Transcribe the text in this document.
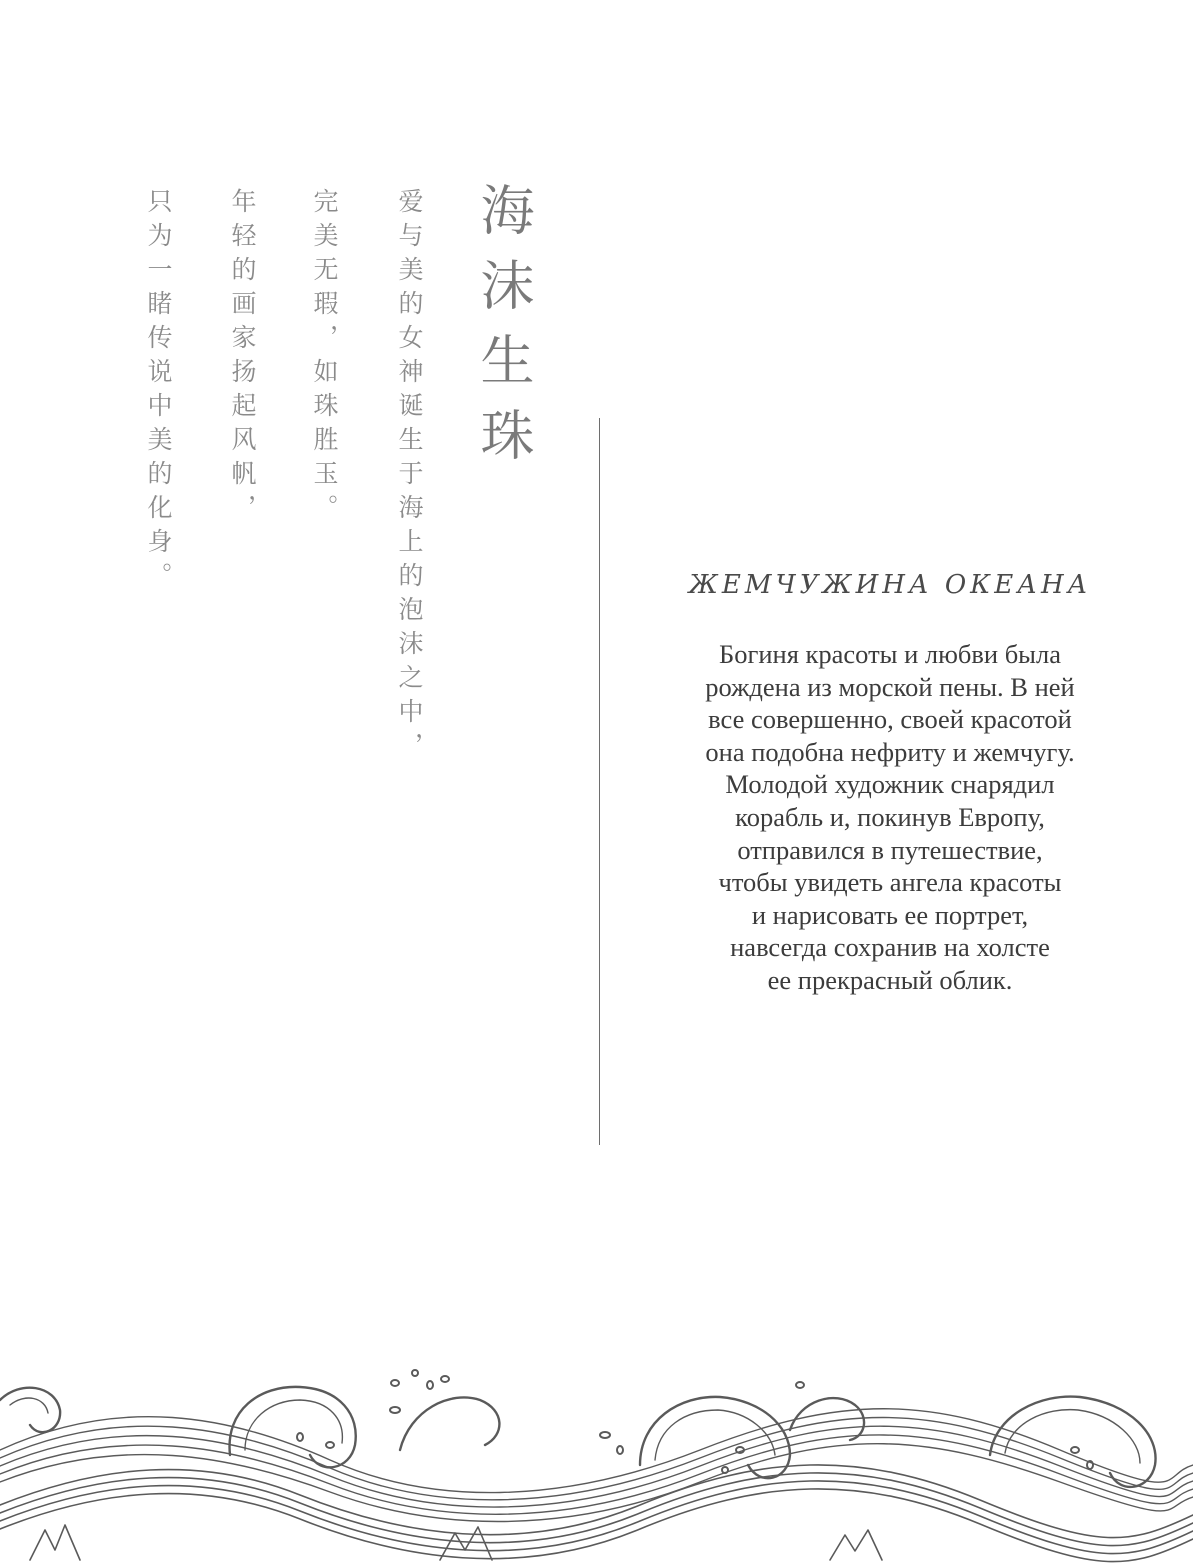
海沫生珠
爱与美的女神诞生于海上的泡沫之中，
完美无瑕，如珠胜玉。
年轻的画家扬起风帆，
只为一睹传说中美的化身。	ЖЕМЧУЖИНА ОКЕАНА

Богиня красоты и любви была
рождена из морской пены. В ней
все совершенно, своей красотой
она подобна нефриту и жемчугу.
Молодой художник снарядил
корабль и, покинув Европу,
отправился в путешествие,
чтобы увидеть ангела красоты
и нарисовать ее портрет,
навсегда сохранив на холсте
ее прекрасный облик.
